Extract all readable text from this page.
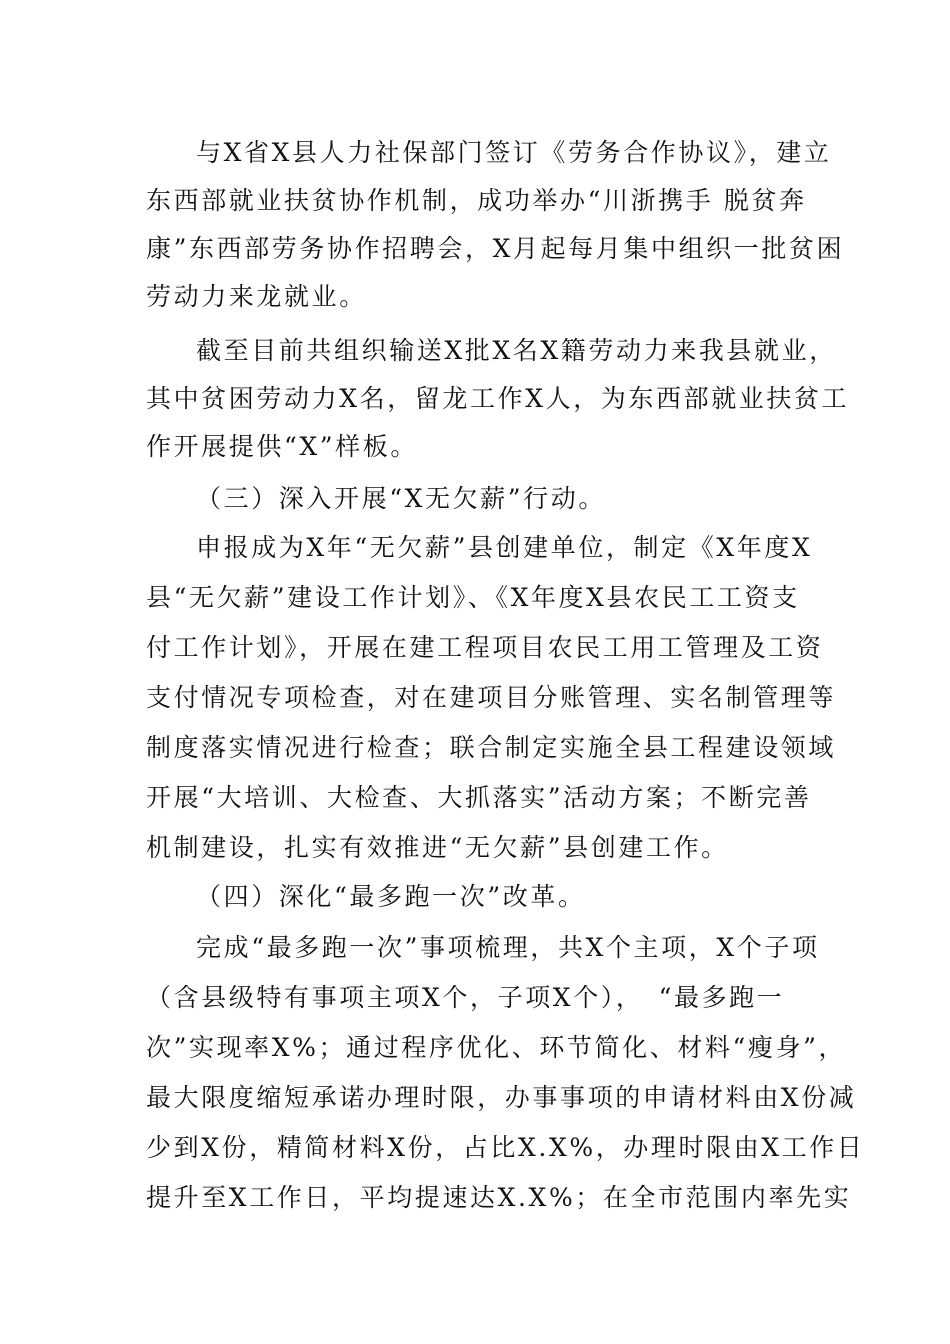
与X省X县人力社保部门签订《劳务合作协议》，建立
东西部就业扶贫协作机制，成功举办“川浙携手 脱贫奔
康”东西部劳务协作招聘会，X月起每月集中组织一批贫困
劳动力来龙就业。
截至目前共组织输送X批X名X籍劳动力来我县就业，
其中贫困劳动力X名，留龙工作X人，为东西部就业扶贫工
作开展提供“X”样板。
（三）深入开展“X无欠薪”行动。
申报成为X年“无欠薪”县创建单位，制定《X年度X
县“无欠薪”建设工作计划》、《X年度X县农民工工资支
付工作计划》，开展在建工程项目农民工用工管理及工资
支付情况专项检查，对在建项目分账管理、实名制管理等
制度落实情况进行检查；联合制定实施全县工程建设领域
开展“大培训、大检查、大抓落实”活动方案；不断完善
机制建设，扎实有效推进“无欠薪”县创建工作。
（四）深化“最多跑一次”改革。
完成“最多跑一次”事项梳理，共X个主项，X个子项
（含县级特有事项主项X个，子项X个），　“最多跑一
次”实现率X%；通过程序优化、环节简化、材料“瘦身”，
最大限度缩短承诺办理时限，办事事项的申请材料由X份减
少到X份，精简材料X份，占比X.X%，办理时限由X工作日
提升至X工作日，平均提速达X.X%；在全市范围内率先实
